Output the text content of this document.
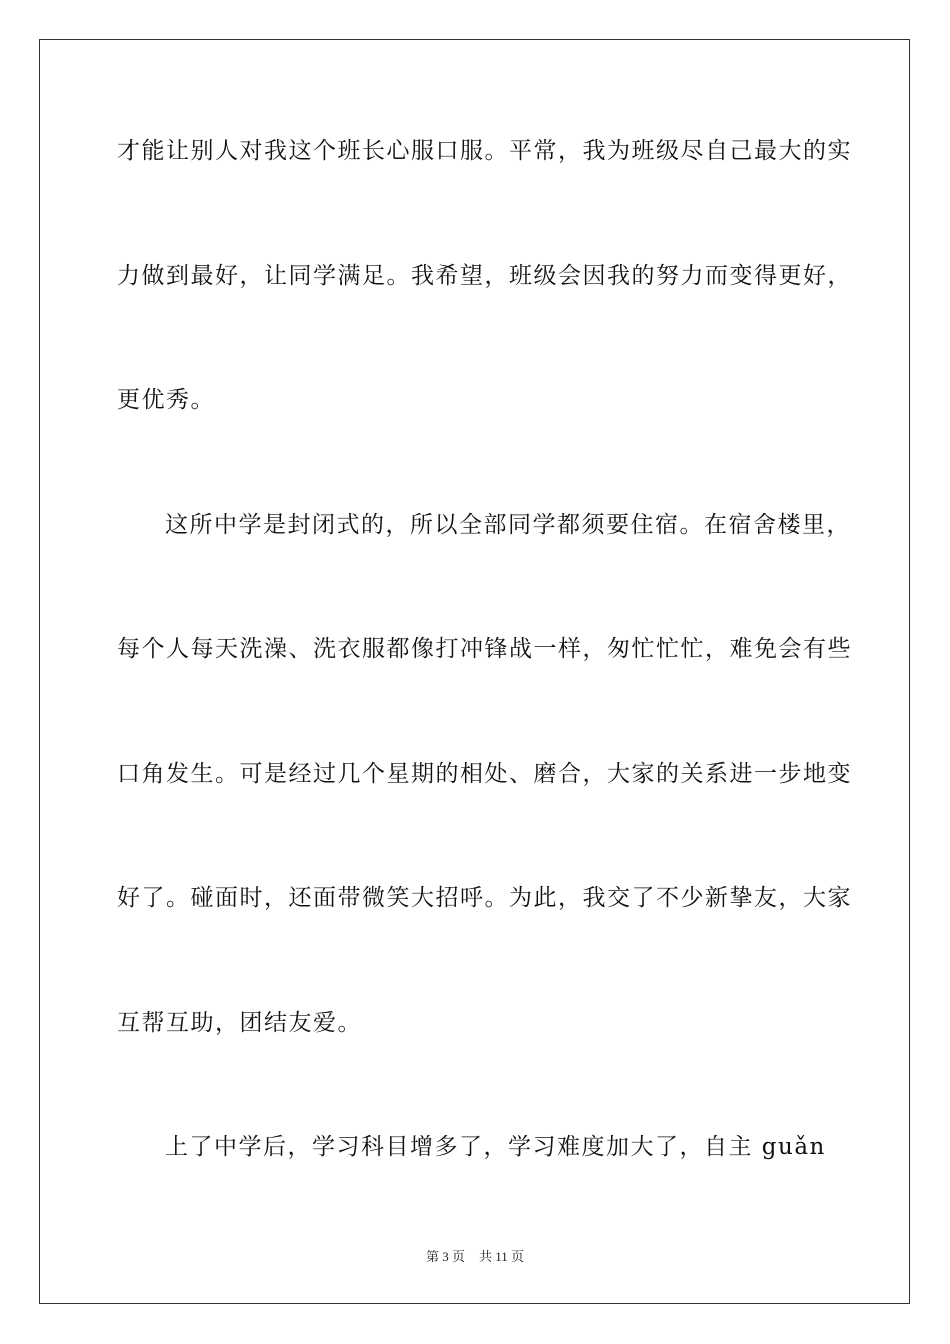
才能让别人对我这个班长心服口服。平常，我为班级尽自己最大的实
力做到最好，让同学满足。我希望，班级会因我的努力而变得更好，
更优秀。
这所中学是封闭式的，所以全部同学都须要住宿。在宿舍楼里，
每个人每天洗澡、洗衣服都像打冲锋战一样，匆忙忙忙，难免会有些
口角发生。可是经过几个星期的相处、磨合，大家的关系进一步地变
好了。碰面时，还面带微笑大招呼。为此，我交了不少新挚友，大家
互帮互助，团结友爱。
上了中学后，学习科目增多了，学习难度加大了，自主 guǎn
第 3 页 共 11 页
